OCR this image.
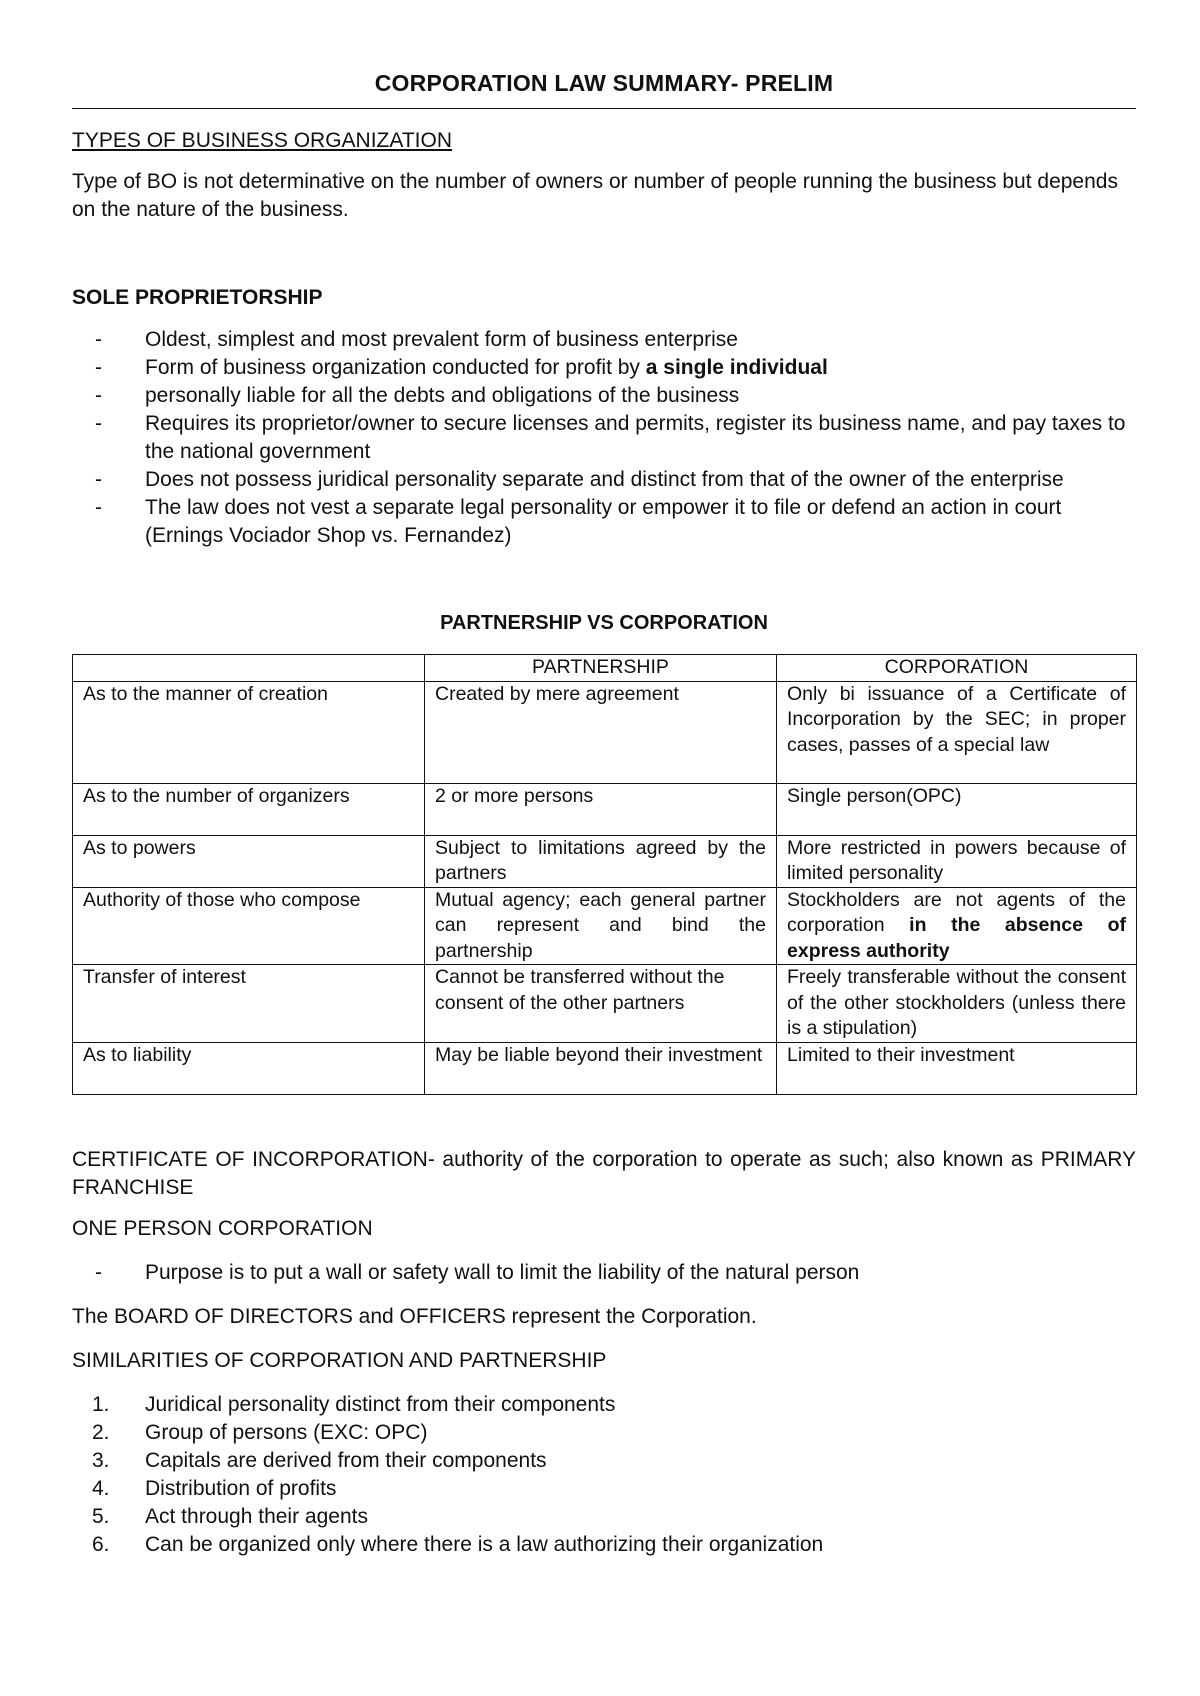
CORPORATION LAW SUMMARY- PRELIM
TYPES OF BUSINESS ORGANIZATION
Type of BO is not determinative on the number of owners or number of people running the business but depends on the nature of the business.
SOLE PROPRIETORSHIP
-	Oldest, simplest and most prevalent form of business enterprise
-	Form of business organization conducted for profit by a single individual
-	personally liable for all the debts and obligations of the business
-	Requires its proprietor/owner to secure licenses and permits, register its business name, and pay taxes to the national government
-	Does not possess juridical personality separate and distinct from that of the owner of the enterprise
-	The law does not vest a separate legal personality or empower it to file or defend an action in court (Ernings Vociador Shop vs. Fernandez)
PARTNERSHIP VS CORPORATION
	PARTNERSHIP	CORPORATION
As to the manner of creation	Created by mere agreement	Only bi issuance of a Certificate of Incorporation by the SEC; in proper cases, passes of a special law
As to the number of organizers	2 or more persons	Single person(OPC)
As to powers	Subject to limitations agreed by the partners	More restricted in powers because of limited personality
Authority of those who compose	Mutual agency; each general partner can represent and bind the partnership	Stockholders are not agents of the corporation in the absence of express authority
Transfer of interest	Cannot be transferred without the consent of the other partners	Freely transferable without the consent of the other stockholders (unless there is a stipulation)
As to liability	May be liable beyond their investment	Limited to their investment
CERTIFICATE OF INCORPORATION- authority of the corporation to operate as such; also known as PRIMARY FRANCHISE
ONE PERSON CORPORATION
-	Purpose is to put a wall or safety wall to limit the liability of the natural person
The BOARD OF DIRECTORS and OFFICERS represent the Corporation.
SIMILARITIES OF CORPORATION AND PARTNERSHIP
1.	Juridical personality distinct from their components
2.	Group of persons (EXC: OPC)
3.	Capitals are derived from their components
4.	Distribution of profits
5.	Act through their agents
6.	Can be organized only where there is a law authorizing their organization
